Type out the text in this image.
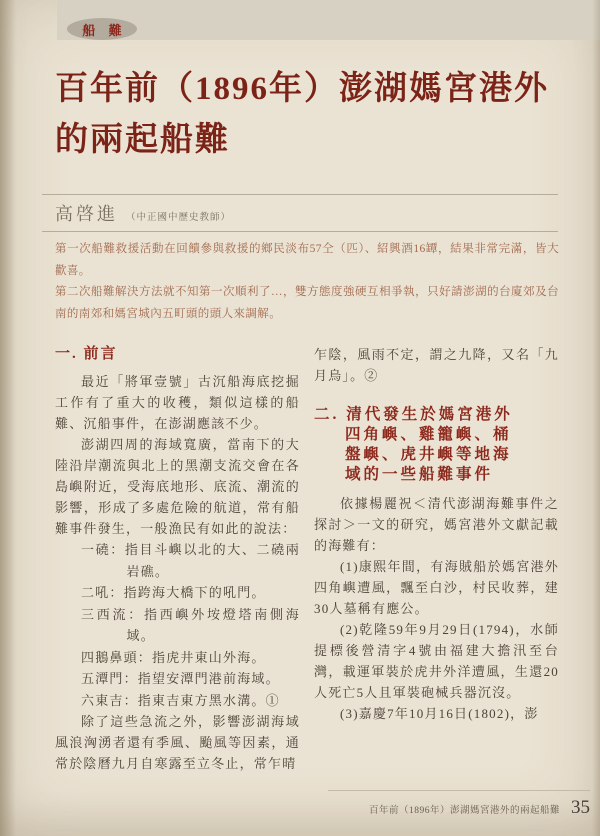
船 難
百年前（1896年）澎湖媽宮港外
的兩起船難
高啓進 （中正國中歷史教師）

第一次船難救援活動在回饋參與救援的鄉民淡布57仝（匹）、紹興酒16罈，結果非常完滿，皆大歡喜。

第二次船難解決方法就不知第一次順利了…，雙方態度強硬互相爭執，只好請澎湖的台廈郊及台南的南郊和媽宮城內五町頭的頭人來調解。

一. 前言

最近「將軍壹號」古沉船海底挖掘工作有了重大的收穫，類似這樣的船難、沉船事件，在澎湖應該不少。

澎湖四周的海域寬廣，當南下的大陸沿岸潮流與北上的黑潮支流交會在各島嶼附近，受海底地形、底流、潮流的影響，形成了多處危險的航道，常有船難事件發生，一般漁民有如此的說法：

一磽：指目斗嶼以北的大、二磽兩岩礁。

二吼：指跨海大橋下的吼門。

三西流：指西嶼外垵燈塔南側海域。

四鵝鼻頭：指虎井東山外海。

五潭門：指望安潭門港前海域。

六東吉：指東吉東方黑水溝。①

除了這些急流之外，影響澎湖海域風浪洶湧者還有季風、颱風等因素，通常於陰曆九月自寒露至立冬止，常乍晴

乍陰，風雨不定，謂之九降，又名「九月烏」。②

二. 清代發生於媽宮港外四角嶼、雞籠嶼、桶盤嶼、虎井嶼等地海域的一些船難事件

依據楊麗祝＜清代澎湖海難事件之探討＞一文的研究，媽宮港外文獻記載的海難有：

(1)康熙年間，有海賊船於媽宮港外四角嶼遭風，飄至白沙，村民收葬，建30人墓稱有應公。

(2)乾隆59年9月29日(1794)，水師提標後營清字4號由福建大擔汛至台灣，載運軍裝於虎井外洋遭風，生還20人死亡5人且軍裝砲械兵器沉沒。

(3)嘉慶7年10月16日(1802)，澎

百年前（1896年）澎湖媽宮港外的兩起船難 35
